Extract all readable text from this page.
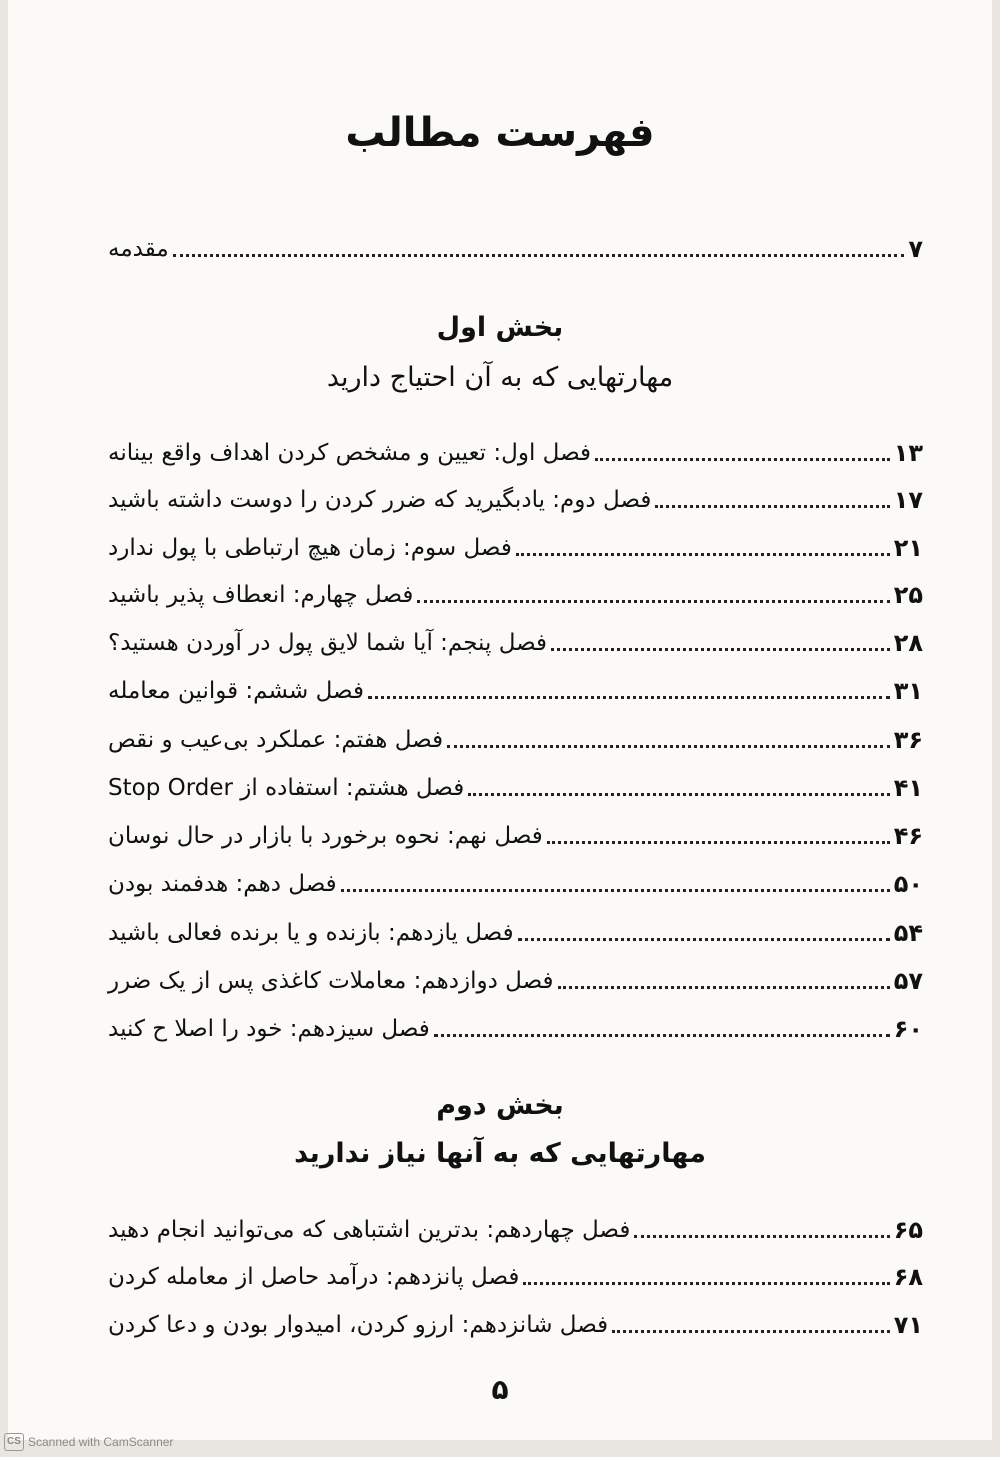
فهرست مطالب
مقدمه	۷
بخش اول
مهارتهایی که به آن احتیاج دارید
فصل اول: تعیین و مشخص کردن اهداف واقع بینانه	۱۳
فصل دوم: یادبگیرید که ضرر کردن را دوست داشته باشید	۱۷
فصل سوم: زمان هیچ ارتباطی با پول ندارد	۲۱
فصل چهارم: انعطاف پذیر باشید	۲۵
فصل پنجم: آیا شما لایق پول در آوردن هستید؟	۲۸
فصل ششم: قوانین معامله	۳۱
فصل هفتم: عملکرد بی‌عیب و نقص	۳۶
فصل هشتم: استفاده از Stop Order	۴۱
فصل نهم: نحوه برخورد با بازار در حال نوسان	۴۶
فصل دهم: هدفمند بودن	۵۰
فصل یازدهم: بازنده و یا برنده فعالی باشید	۵۴
فصل دوازدهم: معاملات کاغذی پس از یک ضرر	۵۷
فصل سیزدهم: خود را اصلا ح کنید	۶۰
بخش دوم
مهارتهایی که به آنها نیاز ندارید
فصل چهاردهم: بدترین اشتباهی که می‌توانید انجام دهید	۶۵
فصل پانزدهم: درآمد حاصل از معامله کردن	۶۸
فصل شانزدهم: ارزو کردن، امیدوار بودن و دعا کردن	۷۱
۵
CS Scanned with CamScanner
